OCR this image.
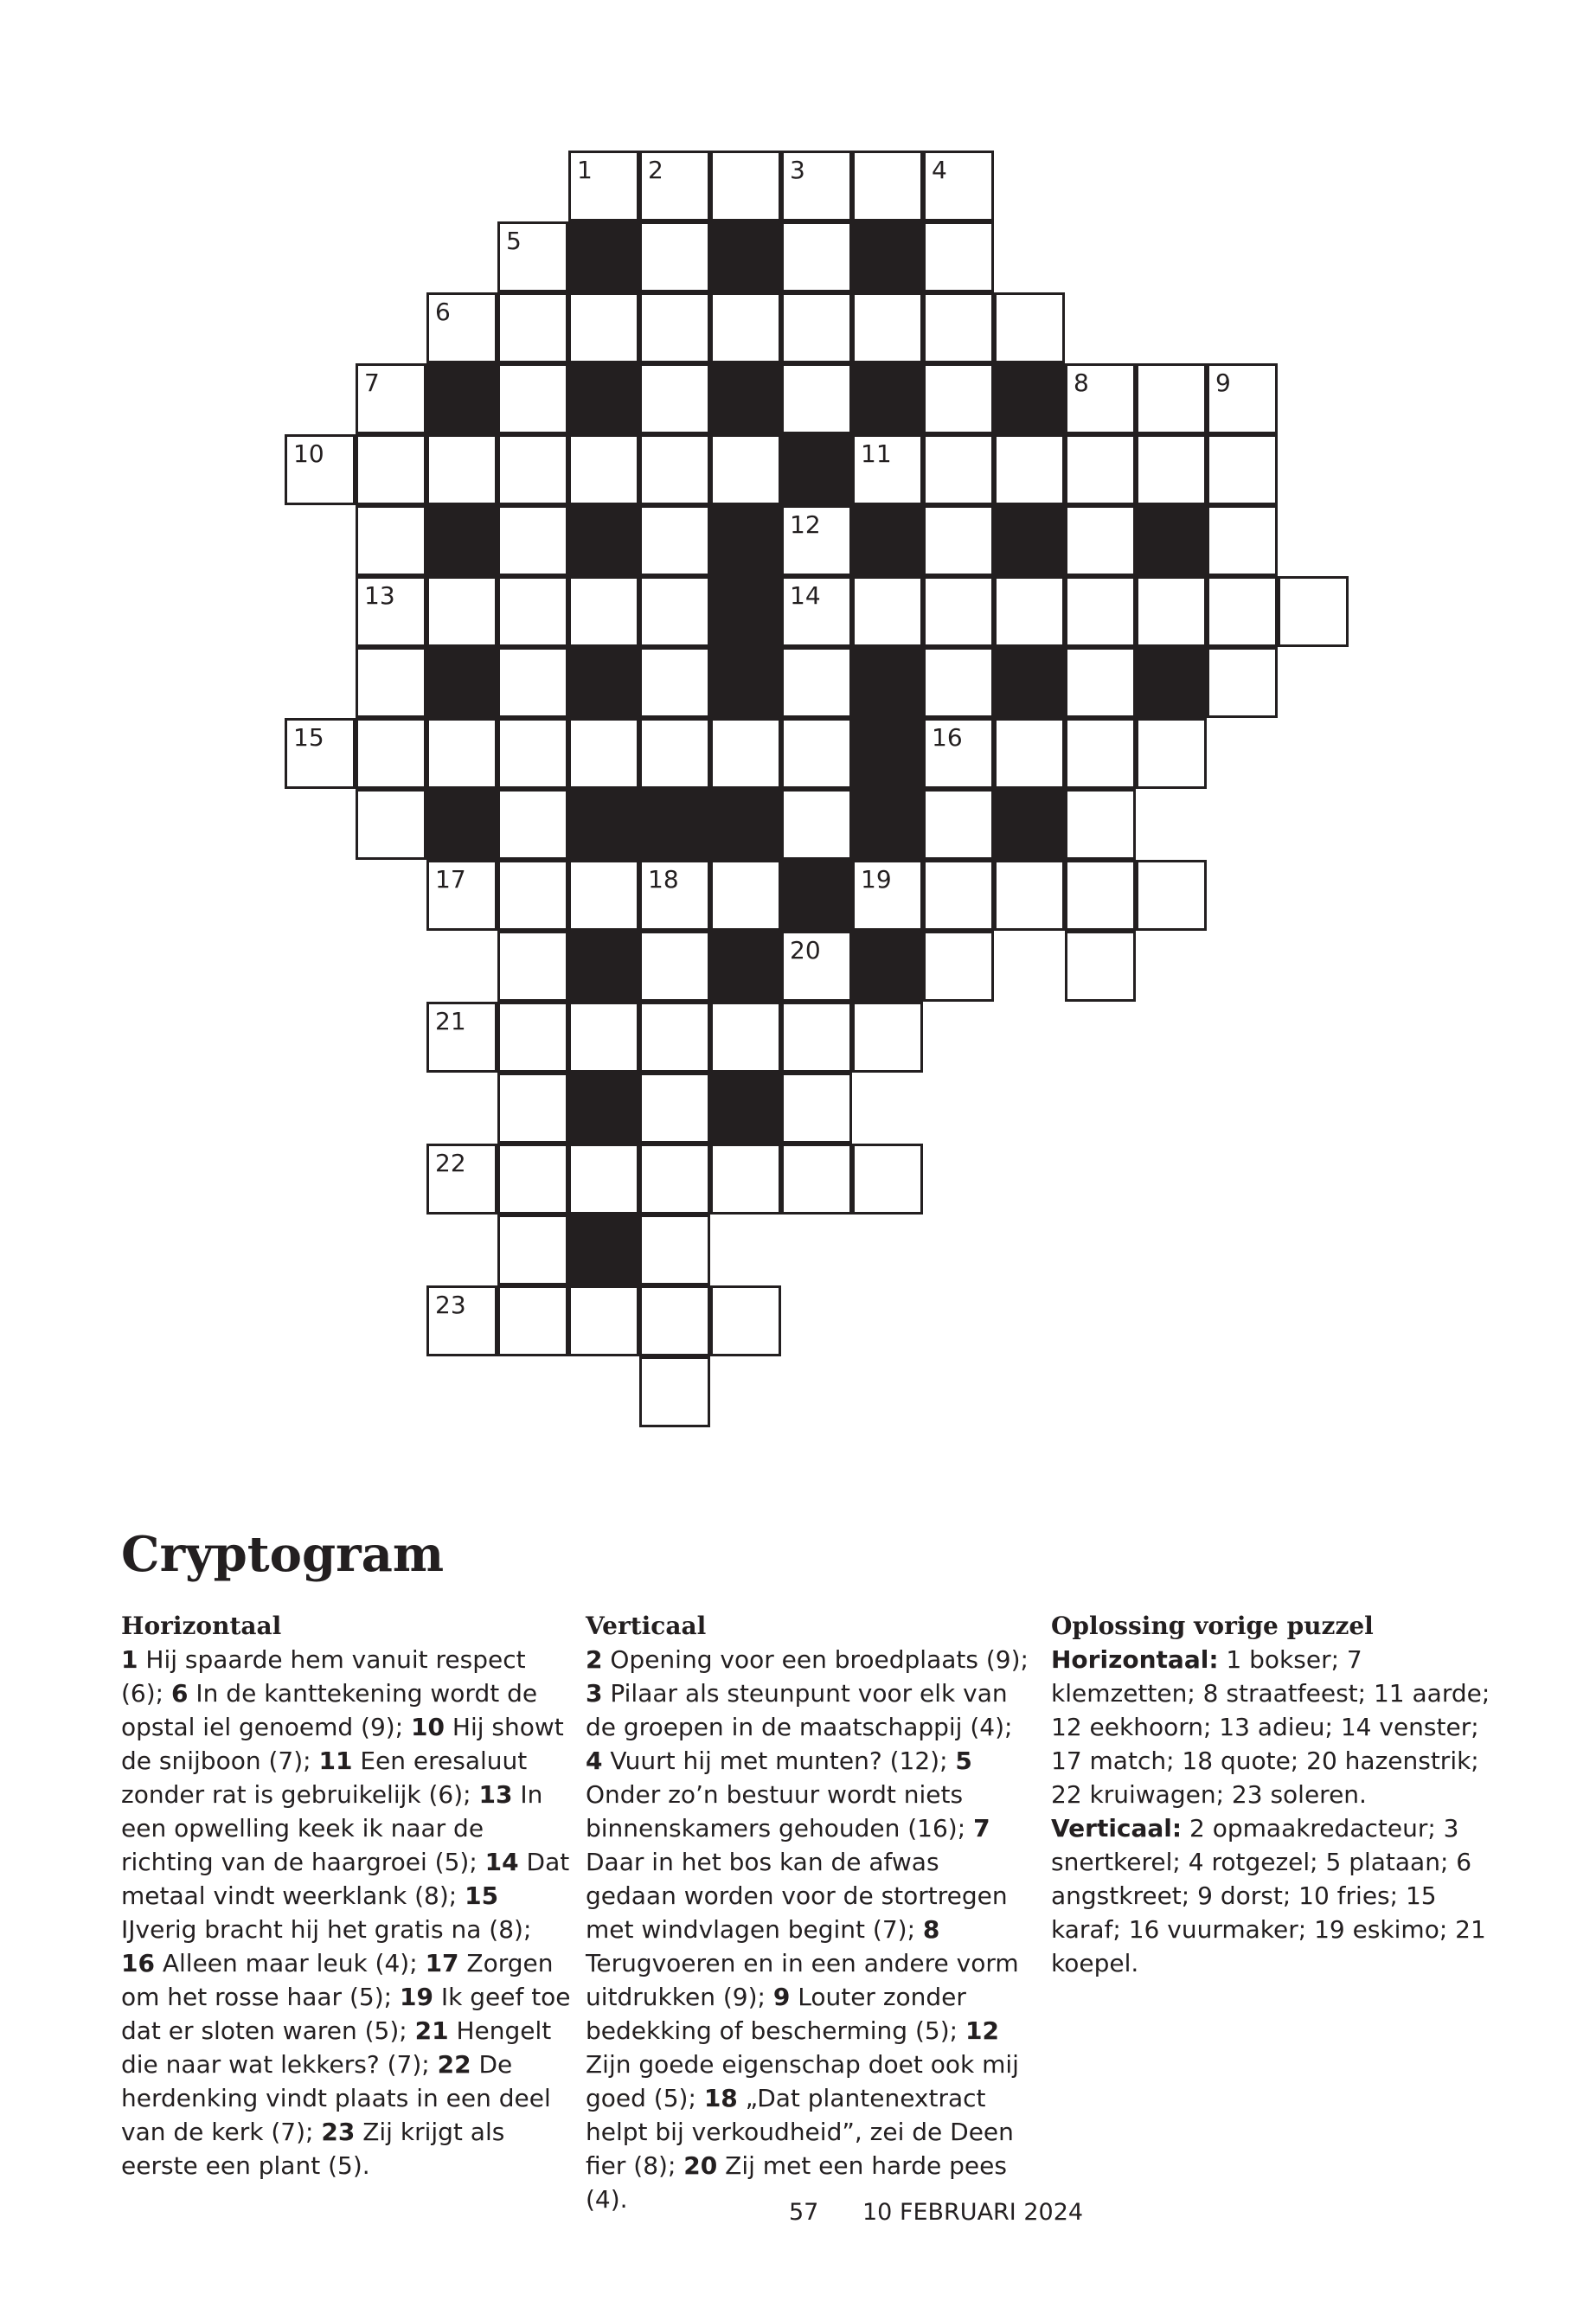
1 2	3	4
5
6
7	8	9
10	11
12
13	14
15	16
17	18	19
20
21
22
23
Cryptogram
Horizontaal
1 Hij spaarde hem vanuit respect (6); 6 In de kanttekening wordt de opstal iel genoemd (9); 10 Hij showt de snijboon (7); 11 Een eresaluut zonder rat is gebruikelijk (6); 13 In een opwelling keek ik naar de richting van de haargroei (5); 14 Dat metaal vindt weerklank (8); 15 IJverig bracht hij het gratis na (8); 16 Alleen maar leuk (4); 17 Zorgen om het rosse haar (5); 19 Ik geef toe dat er sloten waren (5); 21 Hengelt die naar wat lekkers? (7); 22 De herdenking vindt plaats in een deel van de kerk (7); 23 Zij krijgt als eerste een plant (5).
Verticaal
2 Opening voor een broedplaats (9); 3 Pilaar als steunpunt voor elk van de groepen in de maatschappij (4); 4 Vuurt hij met munten? (12); 5 Onder zo’n bestuur wordt niets binnenskamers gehouden (16); 7 Daar in het bos kan de afwas gedaan worden voor de stortregen met windvlagen begint (7); 8 Terugvoeren en in een andere vorm uitdrukken (9); 9 Louter zonder bedekking of bescherming (5); 12 Zijn goede eigenschap doet ook mij goed (5); 18 „Dat plantenextract helpt bij verkoudheid”, zei de Deen fier (8); 20 Zij met een harde pees (4).
Oplossing vorige puzzel
Horizontaal: 1 bokser; 7 klemzetten; 8 straatfeest; 11 aarde; 12 eekhoorn; 13 adieu; 14 venster; 17 match; 18 quote; 20 hazenstrik; 22 kruiwagen; 23 soleren.
Verticaal: 2 opmaakredacteur; 3 snertkerel; 4 rotgezel; 5 plataan; 6 angstkreet; 9 dorst; 10 fries; 15 karaf; 16 vuurmaker; 19 eskimo; 21 koepel.
57 10 FEBRUARI 2024
